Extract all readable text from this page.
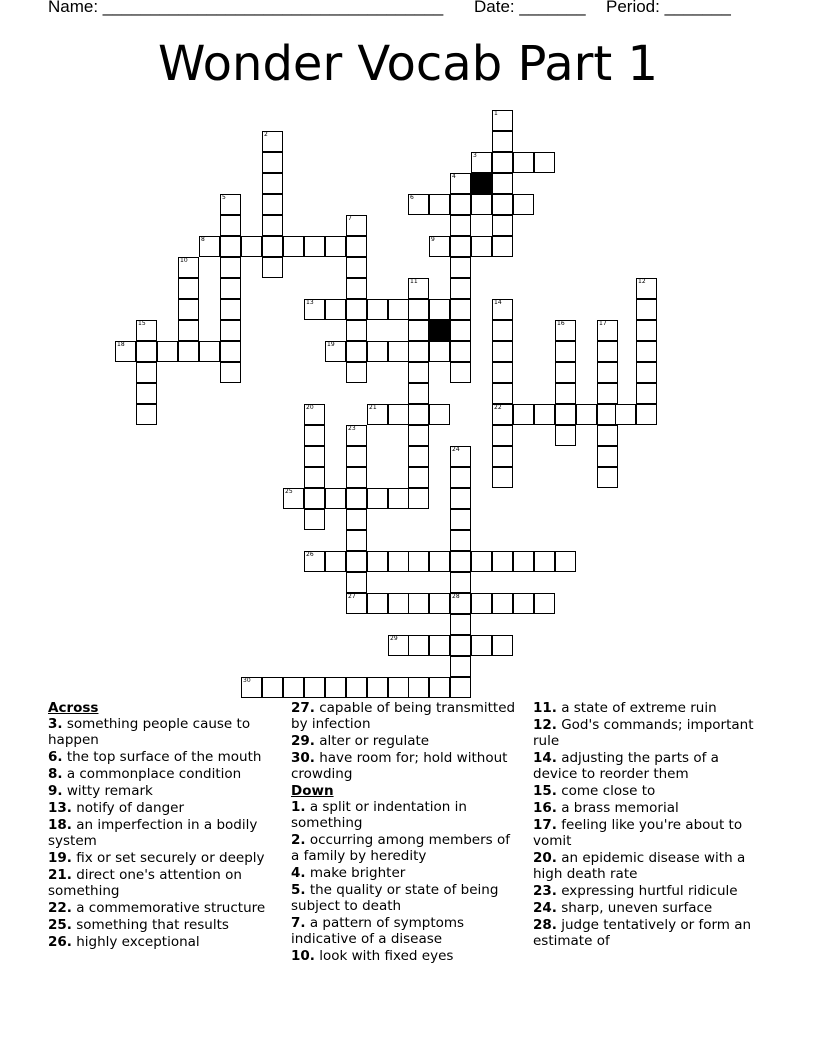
Name: ____________________________________ Date: _______ Period: _______
Wonder Vocab Part 1
1
2
3
4
5	6
7
8	9
10
11	12
13	14
15	16	17
18	19
20	21	22
23
24
25
26
27	28
29
30
Across
3. something people cause to happen
6. the top surface of the mouth
8. a commonplace condition
9. witty remark
13. notify of danger
18. an imperfection in a bodily system
19. fix or set securely or deeply
21. direct one's attention on something
22. a commemorative structure
25. something that results
26. highly exceptional
27. capable of being transmitted by infection
29. alter or regulate
30. have room for; hold without crowding
Down
1. a split or indentation in something
2. occurring among members of a family by heredity
4. make brighter
5. the quality or state of being subject to death
7. a pattern of symptoms indicative of a disease
10. look with fixed eyes
11. a state of extreme ruin
12. God's commands; important rule
14. adjusting the parts of a device to reorder them
15. come close to
16. a brass memorial
17. feeling like you're about to vomit
20. an epidemic disease with a high death rate
23. expressing hurtful ridicule
24. sharp, uneven surface
28. judge tentatively or form an estimate of
